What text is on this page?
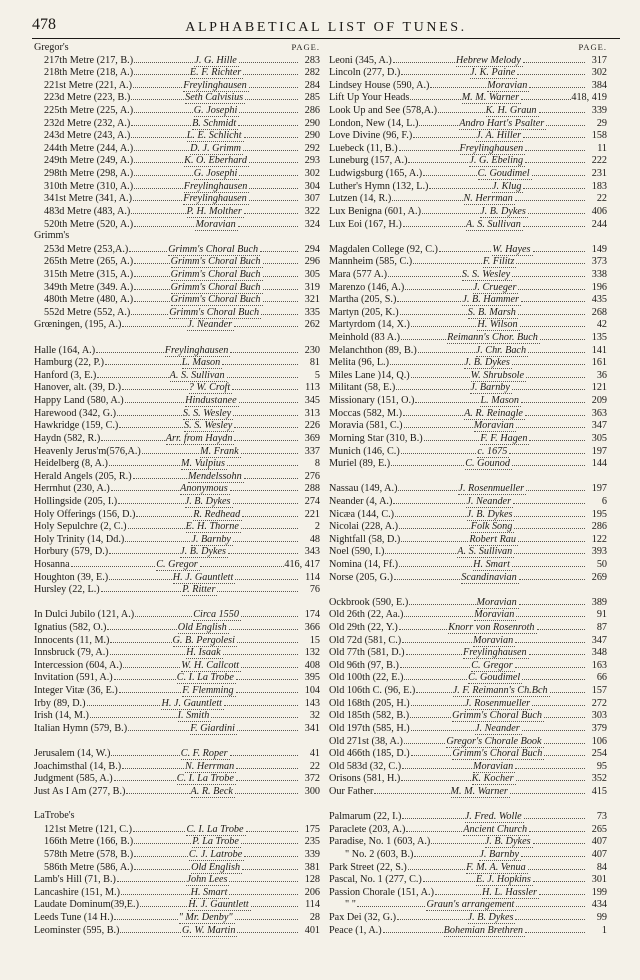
478	ALPHABETICAL LIST OF TUNES.
Gregor's	PAGE.
217th Metre (217, B.)	J. G. Hille	283
218th Metre (218, A.)	E. F. Richter	282
221st Metre (221, A.)	Freylinghausen	284
223d Metre (223, B.)	Seth Calvisius	285
225th Metre (225, A.)	G. Josephi	286
232d Metre (232, A.)	B. Schmidt	290
243d Metre (243, A.)	L. E. Schlicht	290
244th Metre (244, A.)	D. J. Grimm	292
249th Metre (249, A.)	K. O. Eberhard	293
298th Metre (298, A.)	G. Josephi	302
310th Metre (310, A.)	Freylinghausen	304
341st Metre (341, A.)	Freylinghausen	307
483d Metre (483, A.)	P. H. Molther	322
520th Metre (520, A.)	Moravian	324
Grimm's
253d Metre (253,A.)	Grimm's Choral Buch	294
265th Metre (265, A.)	Grimm's Choral Buch	296
315th Metre (315, A.)	Grimm's Choral Buch	305
349th Metre (349. A.)	Grimm's Choral Buch	319
480th Metre (480, A.)	Grimm's Choral Buch	321
552d Metre (552, A.)	Grimm's Choral Buch	335
Grœningen, (195, A.)	J. Neander	262
Halle (164, A.)	Freylinghausen	230
Hamburg (22, P.)	L. Mason	81
Hanford (3, E.)	A. S. Sullivan	5
Hanover, alt. (39, D.)	? W. Croft	113
Happy Land (580, A.)	Hindustanee	345
Harewood (342, G.)	S. S. Wesley	313
Hawkridge (159, C.)	S. S. Wesley	226
Haydn (582, R.)	Arr. from Haydn	369
Heavenly Jerus'm(576,A.)	M. Frank	337
Heidelberg (8, A.)	M. Vulpius	8
Herald Angels (205, R.)	Mendelssohn	276
Herrnhut (230, A.)	Anonymous	288
Hollingside (205, I.)	J. B. Dykes	274
Holy Offerings (156, D.)	R. Redhead	221
Holy Sepulchre (2, C.)	E. H. Thorne	2
Holy Trinity (14, Dd.)	J. Barnby	48
Horbury (579, D.)	J. B. Dykes	343
Hosanna	C. Gregor	416, 417
Houghton (39, E.)	H. J. Gauntlett	114
Hursley (22, L.)	P. Ritter	76
In Dulci Jubilo (121, A.)	Circa 1550	174
Ignatius (582, O.)	Old English	366
Innocents (11, M.)	G. B. Pergolesi	15
Innsbruck (79, A.)	H. Isaak	132
Intercession (604, A.)	W. H. Callcott	408
Invitation (591, A.)	C. I. La Trobe	395
Integer Vitæ (36, E.)	F. Flemming	104
Irby (89, D.)	H. J. Gauntlett	143
Irish (14, M.)	I. Smith	32
Italian Hymn (579, B.)	F. Giardini	341
Jerusalem (14, W.)	C. F. Roper	41
Joachimsthal (14, B.)	N. Herrman	22
Judgment (585, A.)	C. I. La Trobe	372
Just As I Am (277, B.)	A. R. Beck	300
LaTrobe's
121st Metre (121, C.)	C. I. La Trobe	175
166th Metre (166, B.)	P. La Trobe	235
578th Metre (578, B.)	C. J. Latrobe	339
586th Metre (586, A.)	Old English	381
Lamb's Hill (71, B.)	John Lees	128
Lancashire (151, M.)	H. Smart	206
Laudate Dominum(39,E.)	H. J. Gauntlett	114
Leeds Tune (14 H.)	" Mr. Denby"	28
Leominster (595, B.)	G. W. Martin	401
PAGE.
Leoni (345, A.)	Hebrew Melody	317
Lincoln (277, D.)	J. K. Paine	302
Lindsey House (590, A.)	Moravian	384
Lift Up Your Heads	M. M. Warner	418, 419
Look Up and See (578,A.)	K. H. Graun	339
London, New (14, L.)	Andro Hart's Psalter	29
Love Divine (96, F.)	J. A. Hiller	158
Luebeck (11, B.)	Freylinghausen	11
Luneburg (157, A.)	J. G. Ebeling	222
Ludwigsburg (165, A.)	C. Goudimel	231
Luther's Hymn (132, L.)	J. Klug	183
Lutzen (14, R.)	N. Herrman	22
Lux Benigna (601, A.)	J. B. Dykes	406
Lux Eoi (167, H.)	A. S. Sullivan	244
Magdalen College (92, C.)	W. Hayes	149
Mannheim (585, C.)	F. Filitz	373
Mara (577 A.)	S. S. Wesley	338
Marenzo (146, A.)	J. Crueger	196
Martha (205, S.)	J. B. Hammer	435
Martyn (205, K.)	S. B. Marsh	268
Martyrdom (14, X.)	H. Wilson	42
Meinhold (83 A.)	Reimann's Chor. Buch	135
Melanchthon (89, B.)	J. Chr. Bach	141
Melita (96, L.)	J. B. Dykes	161
Miles Lane )14, Q.)	W. Shrubsole	36
Militant (58, E.)	J. Barnby	121
Missionary (151, O.)	L. Mason	209
Moccas (582, M.)	A. R. Reinagle	363
Moravia (581, C.)	Moravian	347
Morning Star (310, B.)	F. F. Hagen	305
Munich (146, C.)	c. 1675	197
Muriel (89, E.)	C. Gounod	144
Nassau (149, A.)	J. Rosenmueller	197
Neander (4, A.)	J. Neander	6
Nicæa (144, C.)	J. B. Dykes	195
Nicolai (228, A.)	Folk Song	286
Nightfall (58, D.)	Robert Rau	122
Noel (590, I.)	A. S. Sullivan	393
Nomina (14, Ff.)	H. Smart	50
Norse (205, G.)	Scandinavian	269
Ockbrook (590, E.)	Moravian	389
Old 26th (22, Aa.)	Moravian	91
Old 29th (22, Y.)	Knorr von Rosenroth	87
Old 72d (581, C.)	Moravian	347
Old 77th (581, D.)	Freylinghausen	348
Old 96th (97, B.)	C. Gregor	163
Old 100th (22, E.)	C. Goudimel	66
Old 106th C. (96, E.)	J. F. Reimann's Ch.Bch	157
Old 168th (205, H.)	J. Rosenmueller	272
Old 185th (582, B.)	Grimm's Choral Buch	303
Old 197th (585, H.)	J. Neander	379
Old 271st (38, A.)	Gregor's Chorale Book	106
Old 466th (185, D.)	Grimm's Choral Buch	254
Old 583d (32, C.)	Moravian	95
Orisons (581, H.)	K. Kocher	352
Our Father	M. M. Warner	415
Palmarum (22, I.)	J. Fred. Wolle	73
Paraclete (203, A.)	Ancient Church	265
Paradise, No. 1 (603, A.)	J. B. Dykes	407
" No. 2 (603, B.)	J. Barnby	407
Park Street (22, S.)	F. M. A. Venua	84
Pascal, No. 1 (277, C.)	E. J. Hopkins	301
Passion Chorale (151, A.)	H. L. Hassler	199
" "	Graun's arrangement	434
Pax Dei (32, G.)	J. B. Dykes	99
Peace (1, A.)	Bohemian Brethren	1
